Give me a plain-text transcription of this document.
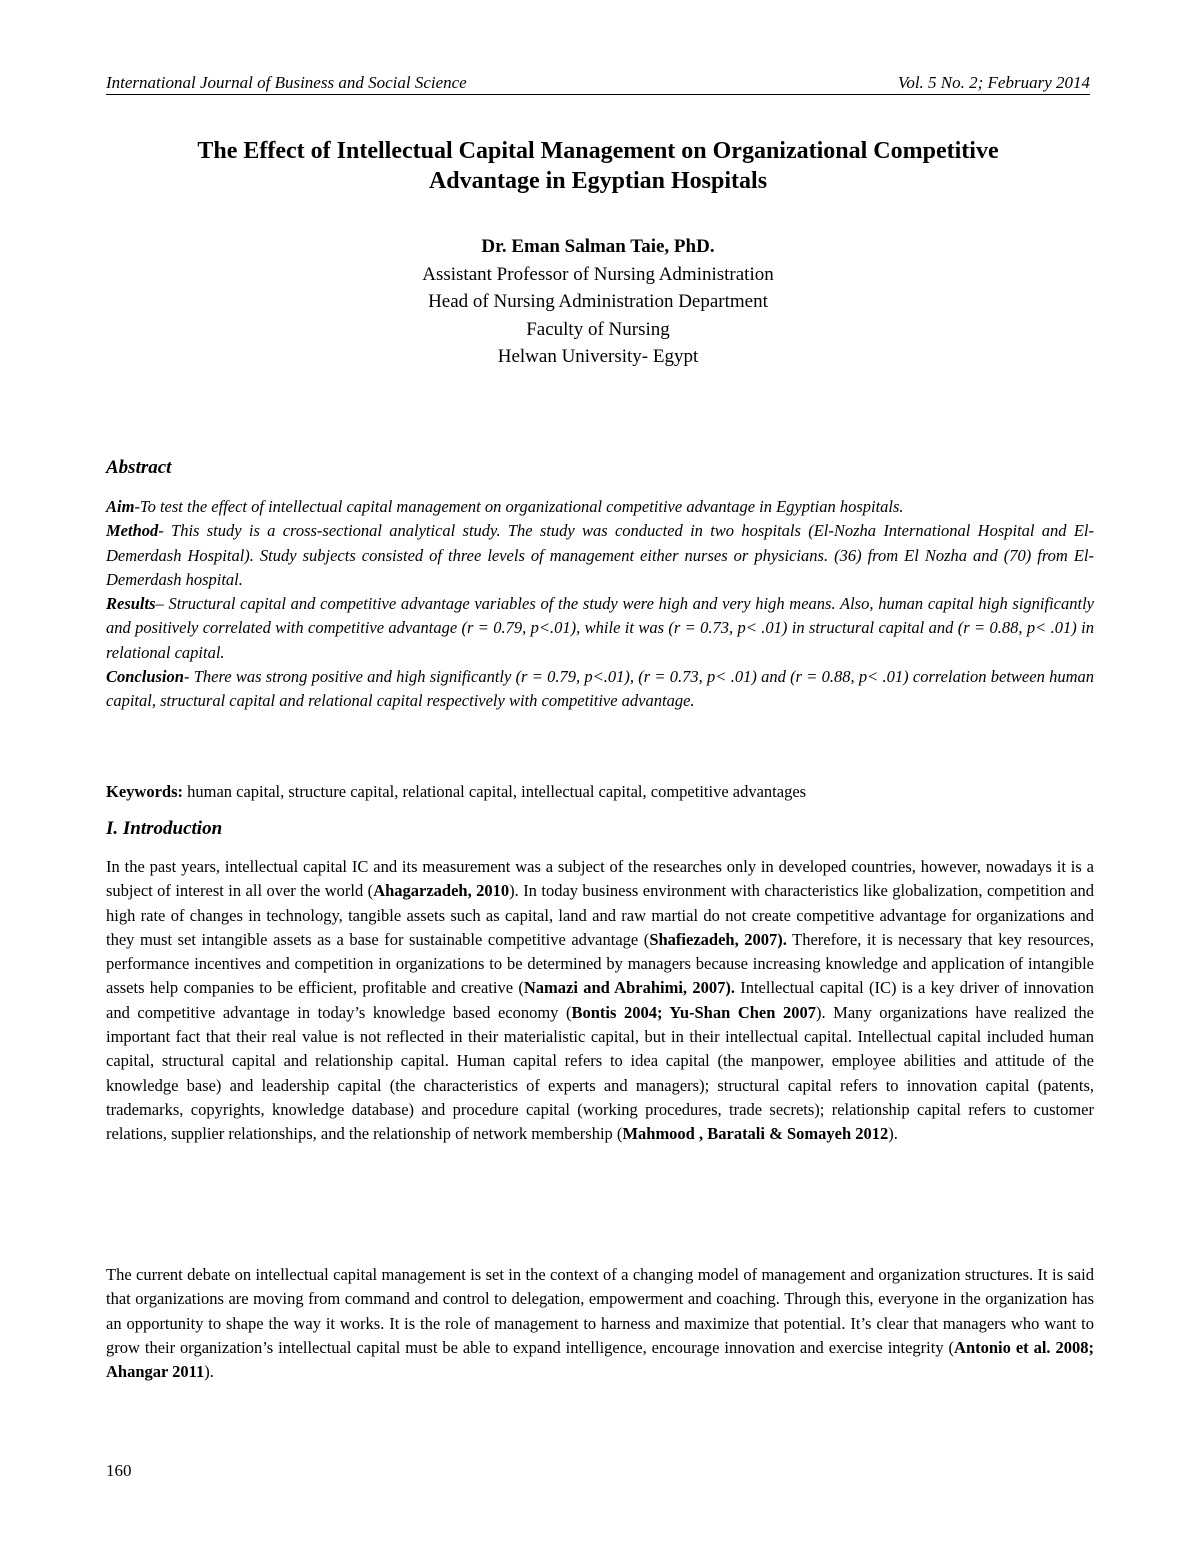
International Journal of Business and Social Science	Vol. 5 No. 2; February 2014
The Effect of Intellectual Capital Management on Organizational Competitive
Advantage in Egyptian Hospitals
Dr. Eman Salman Taie, PhD.
Assistant Professor of Nursing Administration
Head of Nursing Administration Department
Faculty of Nursing
Helwan University- Egypt
Abstract

Aim-To test the effect of intellectual capital management on organizational competitive advantage in Egyptian hospitals.

Method- This study is a cross-sectional analytical study. The study was conducted in two hospitals (El-Nozha International Hospital and El-Demerdash Hospital). Study subjects consisted of three levels of management either nurses or physicians. (36) from El Nozha and (70) from El-Demerdash hospital.

Results– Structural capital and competitive advantage variables of the study were high and very high means. Also, human capital high significantly and positively correlated with competitive advantage (r = 0.79, p<.01), while it was (r = 0.73, p< .01) in structural capital and (r = 0.88, p< .01) in relational capital.

Conclusion- There was strong positive and high significantly (r = 0.79, p<.01), (r = 0.73, p< .01) and (r = 0.88, p< .01) correlation between human capital, structural capital and relational capital respectively with competitive advantage.

Keywords: human capital, structure capital, relational capital, intellectual capital, competitive advantages

I. Introduction

In the past years, intellectual capital IC and its measurement was a subject of the researches only in developed countries, however, nowadays it is a subject of interest in all over the world (Ahagarzadeh, 2010). In today business environment with characteristics like globalization, competition and high rate of changes in technology, tangible assets such as capital, land and raw martial do not create competitive advantage for organizations and they must set intangible assets as a base for sustainable competitive advantage (Shafiezadeh, 2007). Therefore, it is necessary that key resources, performance incentives and competition in organizations to be determined by managers because increasing knowledge and application of intangible assets help companies to be efficient, profitable and creative (Namazi and Abrahimi, 2007). Intellectual capital (IC) is a key driver of innovation and competitive advantage in today’s knowledge based economy (Bontis 2004; Yu-Shan Chen 2007). Many organizations have realized the important fact that their real value is not reflected in their materialistic capital, but in their intellectual capital. Intellectual capital included human capital, structural capital and relationship capital. Human capital refers to idea capital (the manpower, employee abilities and attitude of the knowledge base) and leadership capital (the characteristics of experts and managers); structural capital refers to innovation capital (patents, trademarks, copyrights, knowledge database) and procedure capital (working procedures, trade secrets); relationship capital refers to customer relations, supplier relationships, and the relationship of network membership (Mahmood , Baratali & Somayeh 2012).

The current debate on intellectual capital management is set in the context of a changing model of management and organization structures. It is said that organizations are moving from command and control to delegation, empowerment and coaching. Through this, everyone in the organization has an opportunity to shape the way it works. It is the role of management to harness and maximize that potential. It’s clear that managers who want to grow their organization’s intellectual capital must be able to expand intelligence, encourage innovation and exercise integrity (Antonio et al. 2008; Ahangar 2011).

160
